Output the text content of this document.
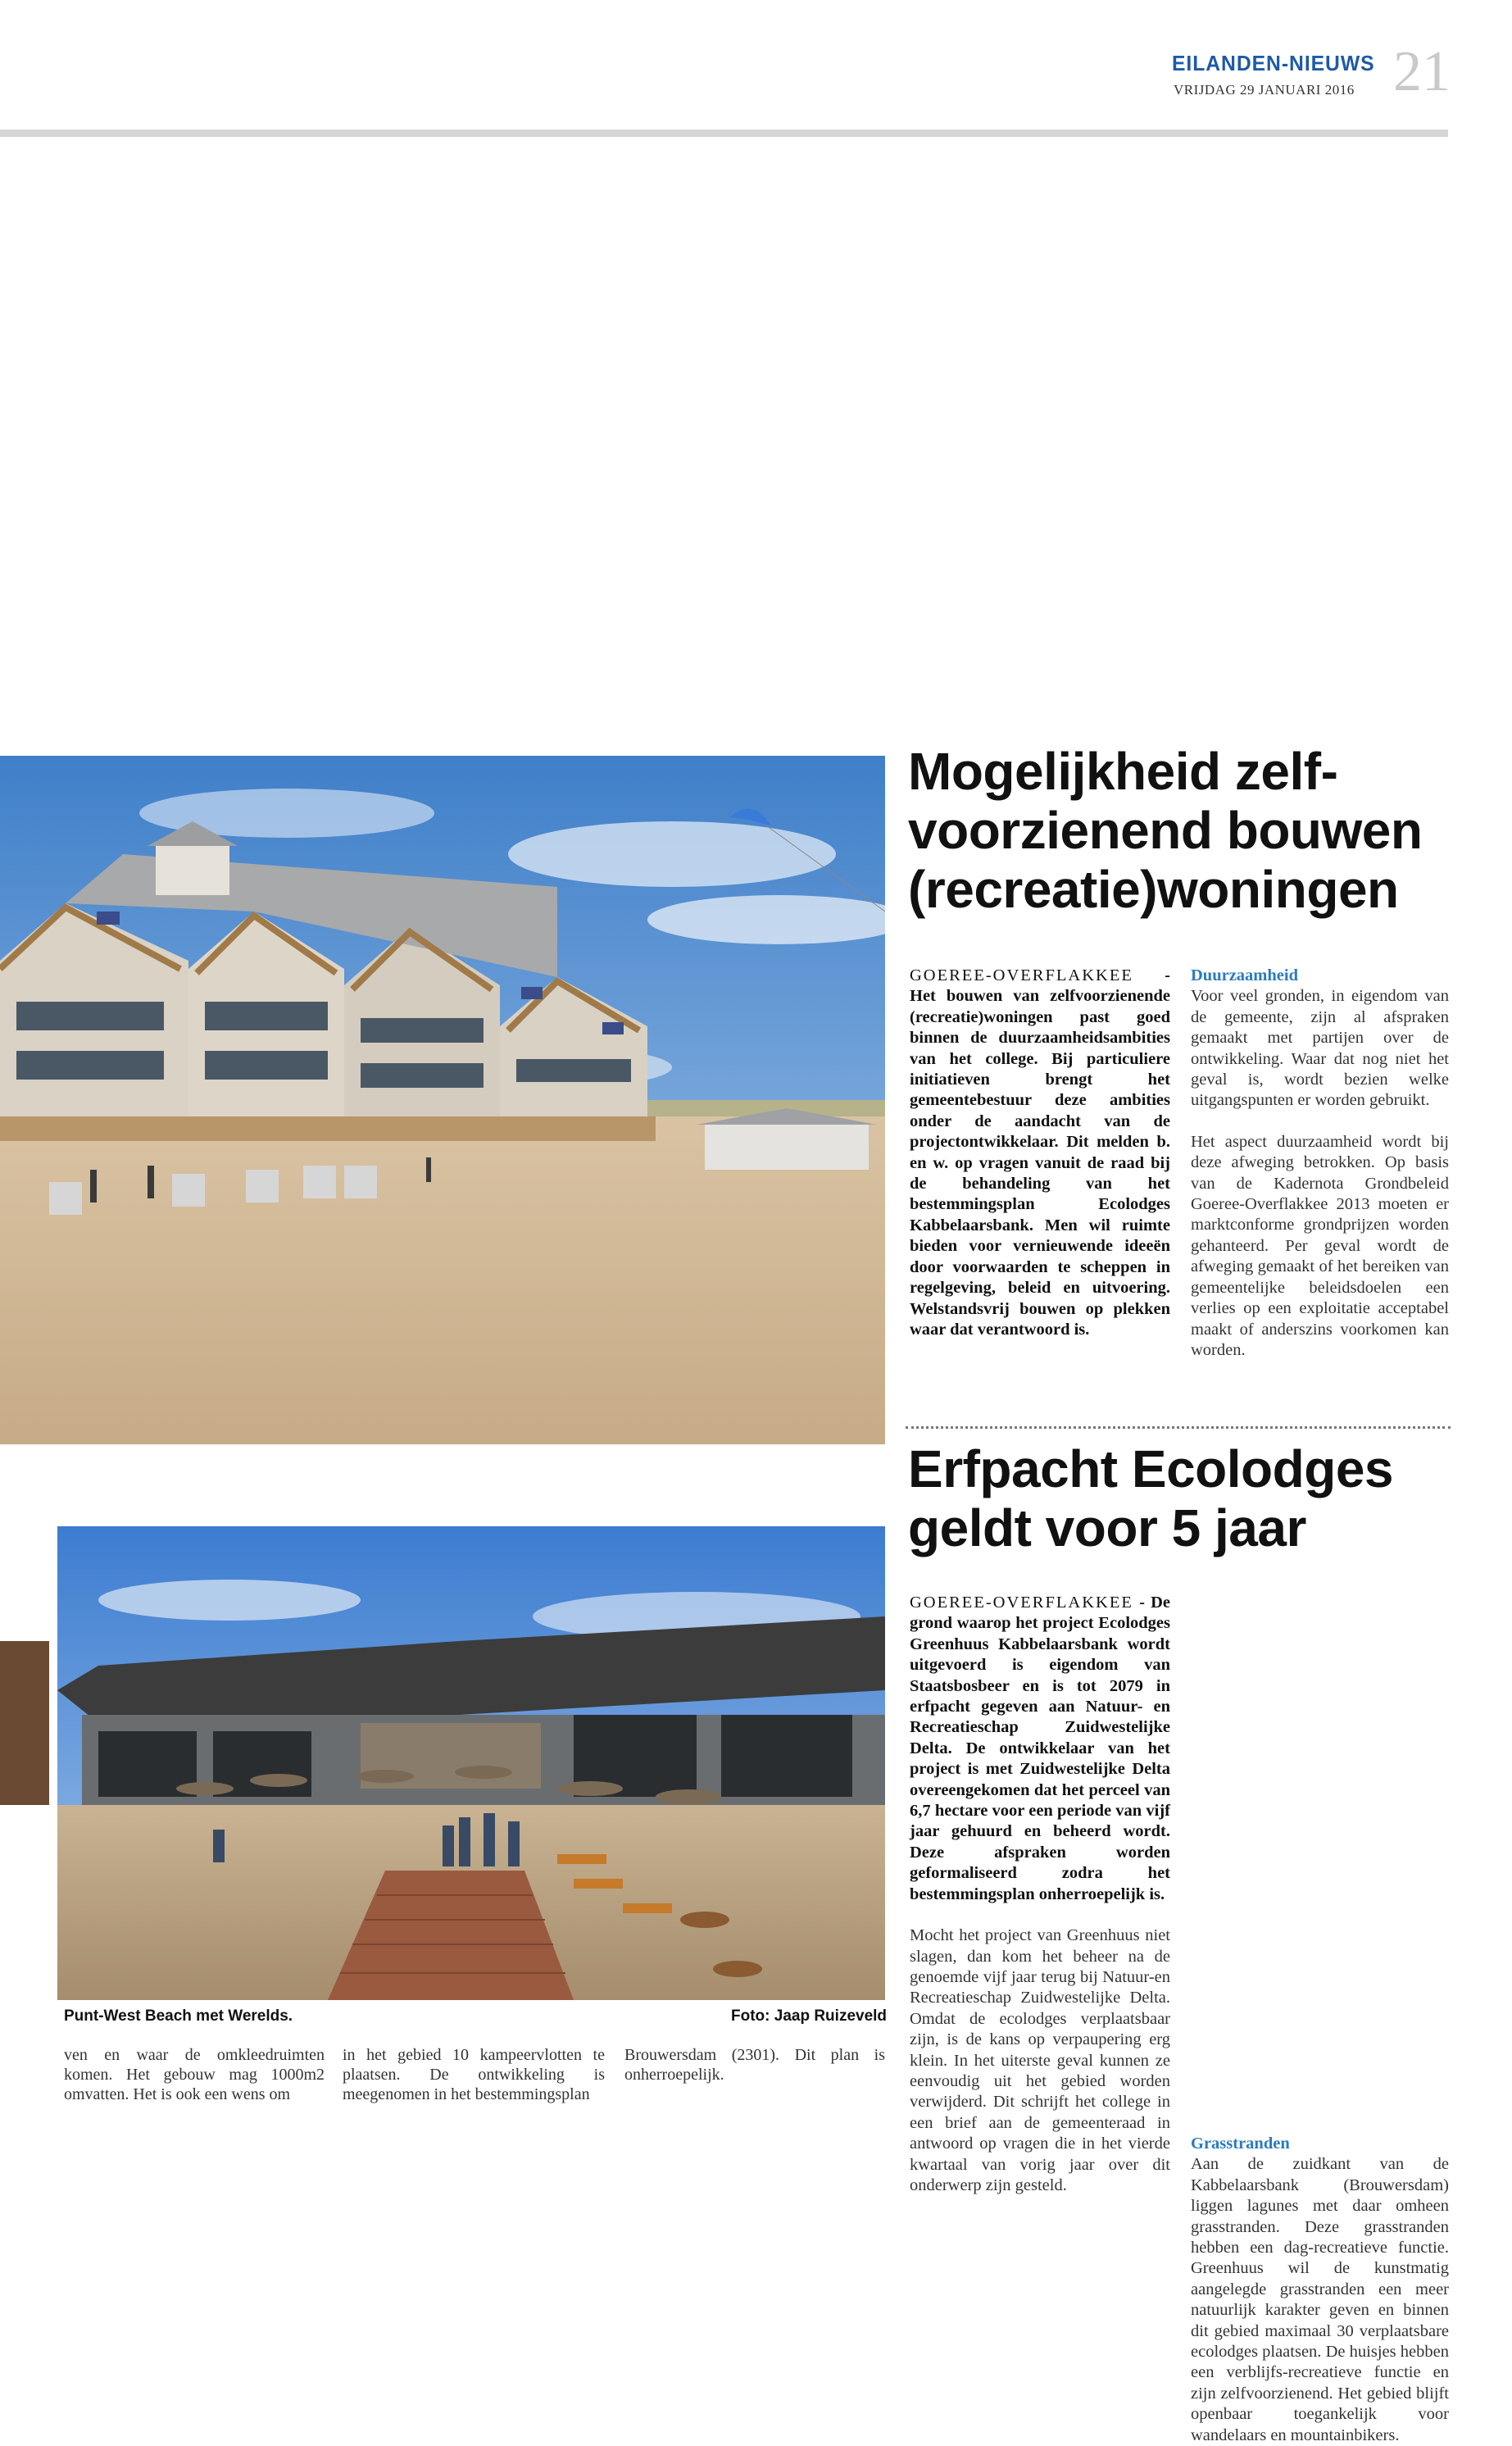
EILANDEN-NIEUWS
VRIJDAG 29 JANUARI 2016 21
Punt-West Beach met Werelds.	Foto: Jaap Ruizeveld
Mogelijkheid zelf-
voorzienend bouwen
(recreatie)woningen
GOEREE-OVERFLAKKEE - Het bouwen van zelfvoorzienende (recreatie)woningen past goed binnen de duurzaamheidsambities van het college. Bij particuliere initiatieven brengt het gemeentebestuur deze ambities onder de aandacht van de projectontwikkelaar. Dit melden b. en w. op vragen vanuit de raad bij de behandeling van het bestemmingsplan Ecolodges Kabbelaarsbank. Men wil ruimte bieden voor vernieuwende ideeën door voorwaarden te scheppen in regelgeving, beleid en uitvoering. Welstandsvrij bouwen op plekken waar dat verantwoord is.
Duurzaamheid
Voor veel gronden, in eigendom van de gemeente, zijn al afspraken gemaakt met partijen over de ontwikkeling. Waar dat nog niet het geval is, wordt bezien welke uitgangspunten er worden gebruikt.
Het aspect duurzaamheid wordt bij deze afweging betrokken. Op basis van de Kadernota Grondbeleid Goeree-Overflakkee 2013 moeten er marktconforme grondprijzen worden gehanteerd. Per geval wordt de afweging gemaakt of het bereiken van gemeentelijke beleidsdoelen een verlies op een exploitatie acceptabel maakt of anderszins voorkomen kan worden.
Erfpacht Ecolodges
geldt voor 5 jaar
GOEREE-OVERFLAKKEE - De grond waarop het project Ecolodges Greenhuus Kabbelaarsbank wordt uitgevoerd is eigendom van Staatsbosbeer en is tot 2079 in erfpacht gegeven aan Natuur- en Recreatieschap Zuidwestelijke Delta. De ontwikkelaar van het project is met Zuidwestelijke Delta overeengekomen dat het perceel van 6,7 hectare voor een periode van vijf jaar gehuurd en beheerd wordt. Deze afspraken worden geformaliseerd zodra het bestemmingsplan onherroepelijk is.
Mocht het project van Greenhuus niet slagen, dan kom het beheer na de genoemde vijf jaar terug bij Natuur-en Recreatieschap Zuidwestelijke Delta. Omdat de ecolodges verplaatsbaar zijn, is de kans op verpaupering erg klein. In het uiterste geval kunnen ze eenvoudig uit het gebied worden verwijderd. Dit schrijft het college in een brief aan de gemeenteraad in antwoord op vragen die in het vierde kwartaal van vorig jaar over dit onderwerp zijn gesteld.
Grasstranden
Aan de zuidkant van de Kabbelaarsbank (Brouwersdam) liggen lagunes met daar omheen grasstranden. Deze grasstranden hebben een dag-recreatieve functie. Greenhuus wil de kunstmatig aangelegde grasstranden een meer natuurlijk karakter geven en binnen dit gebied maximaal 30 verplaatsbare ecolodges plaatsen. De huisjes hebben een verblijfs-recreatieve functie en zijn zelfvoorzienend. Het gebied blijft openbaar toegankelijk voor wandelaars en mountainbikers.
ven en waar de omkleedruimten komen. Het gebouw mag 1000m2 omvatten. Het is ook een wens om
in het gebied 10 kampeervlotten te plaatsen. De ontwikkeling is meegenomen in het bestemmingsplan
Brouwersdam (2301). Dit plan is onherroepelijk.
